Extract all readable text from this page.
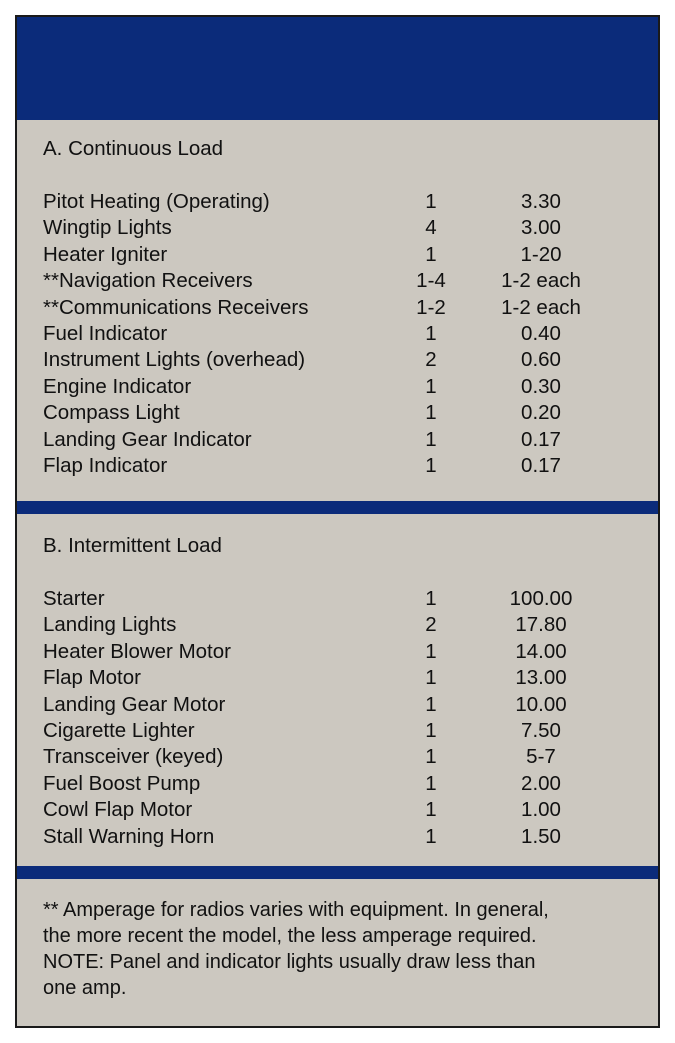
A. Continuous Load
Pitot Heating (Operating)	1	3.30
Wingtip Lights	4	3.00
Heater Igniter	1	1-20
**Navigation Receivers	1-4	1-2 each
**Communications Receivers	1-2	1-2 each
Fuel Indicator	1	0.40
Instrument Lights (overhead)	2	0.60
Engine Indicator	1	0.30
Compass Light	1	0.20
Landing Gear Indicator	1	0.17
Flap Indicator	1	0.17
B. Intermittent Load
Starter	1	100.00
Landing Lights	2	17.80
Heater Blower Motor	1	14.00
Flap Motor	1	13.00
Landing Gear Motor	1	10.00
Cigarette Lighter	1	7.50
Transceiver (keyed)	1	5-7
Fuel Boost Pump	1	2.00
Cowl Flap Motor	1	1.00
Stall Warning Horn	1	1.50

** Amperage for radios varies with equipment. In general,

the more recent the model, the less amperage required.

NOTE: Panel and indicator lights usually draw less than

one amp.
